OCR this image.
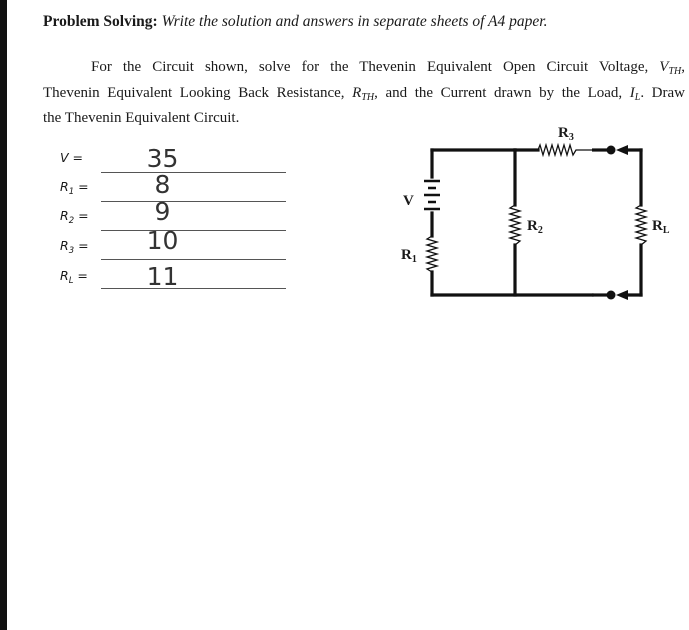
Problem Solving: Write the solution and answers in separate sheets of A4 paper.
For the Circuit shown, solve for the Thevenin Equivalent Open Circuit Voltage, $V_{TH}$,
Thevenin Equivalent Looking Back Resistance, $R_{TH}$, and the Current drawn by the Load, $I_L$. Draw
the Thevenin Equivalent Circuit.
V =	35
$R_1$ =	8
$R_2$ =	9
$R_3$ =	10
$R_L$ =	11
V
$R_1$
$R_2$
$R_3$
$R_L$
